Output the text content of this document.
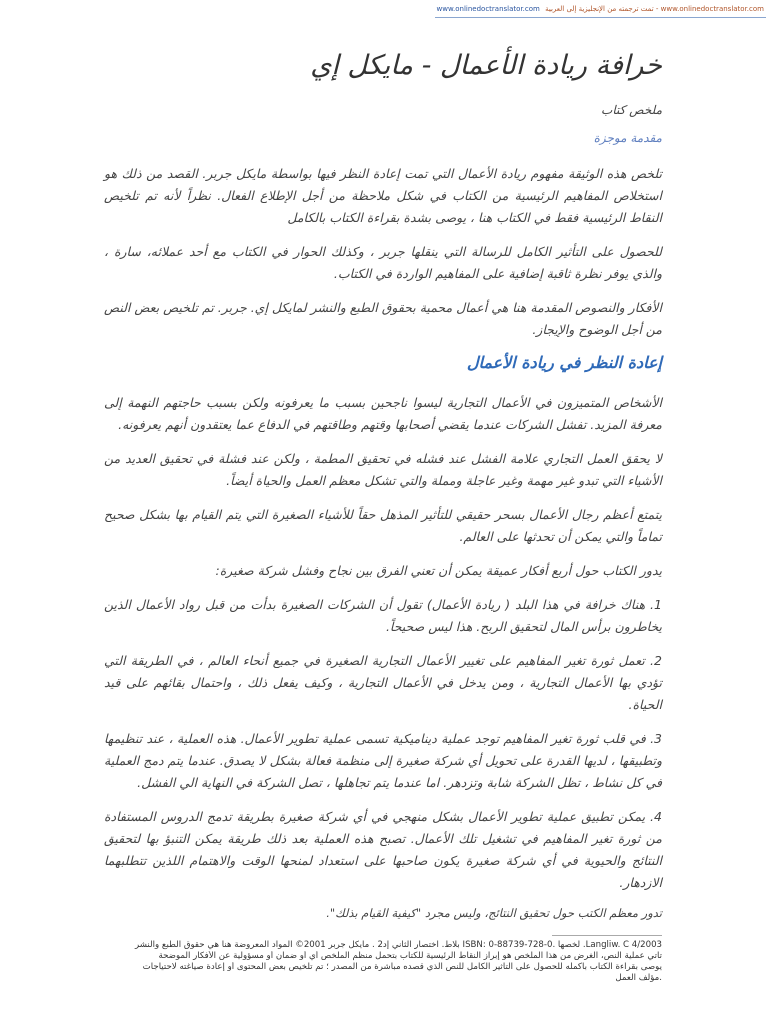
www.onlinedoctranslator.com تمت ترجمته من الإنجليزية إلى العربية - www.onlinedoctranslator.com
خرافة ريادة الأعمال - مايكل إي
ملخص كتاب
مقدمة موجزة

تلخص هذه الوثيقة مفهوم ريادة الأعمال التي تمت إعادة النظر فيها بواسطة مايكل جربر. القصد من ذلك هو استخلاص المفاهيم الرئيسية من الكتاب في شكل ملاحظة من أجل الإطلاع الفعال. نظراً لأنه تم تلخيص النقاط الرئيسية فقط في الكتاب هنا ، يوصى بشدة بقراءة الكتاب بالكامل

للحصول على التأثير الكامل للرسالة التي ينقلها جربر ، وكذلك الحوار في الكتاب مع أحد عملائه، سارة ، والذي يوفر نظرة ثاقبة إضافية على المفاهيم الواردة في الكتاب.

الأفكار والنصوص المقدمة هنا هي أعمال محمية بحقوق الطبع والنشر لمايكل إي. جربر. تم تلخيص بعض النص من أجل الوضوح والإيجاز.

إعادة النظر في ريادة الأعمال

الأشخاص المتميزون في الأعمال التجارية ليسوا ناجحين بسبب ما يعرفونه ولكن بسبب حاجتهم النهمة إلى معرفة المزيد. تفشل الشركات عندما يقضي أصحابها وقتهم وطاقتهم في الدفاع عما يعتقدون أنهم يعرفونه.

لا يحقق العمل التجاري علامة الفشل عند فشله في تحقيق المطمة ، ولكن عند فشلة في تحقيق العديد من الأشياء التي تبدو غير مهمة وغير عاجلة ومملة والتي تشكل معظم العمل والحياة أيضاً.

يتمتع أعظم رجال الأعمال بسحر حقيقي للتأثير المذهل حقاً للأشياء الصغيرة التي يتم القيام بها بشكل صحيح تماماً والتي يمكن أن تحدثها على العالم.

يدور الكتاب حول أربع أفكار عميقة يمكن أن تعني الفرق بين نجاح وفشل شركة صغيرة:

1. هناك خرافة في هذا البلد ( ريادة الأعمال) تقول أن الشركات الصغيرة بدأت من قبل رواد الأعمال الذين يخاطرون برأس المال لتحقيق الربح. هذا ليس صحيحاً.

2. تعمل ثورة تغير المفاهيم على تغيير الأعمال التجارية الصغيرة في جميع أنحاء العالم ، في الطريقة التي تؤدي بها الأعمال التجارية ، ومن يدخل في الأعمال التجارية ، وكيف يفعل ذلك ، واحتمال بقائهم على قيد الحياة.

3. في قلب ثورة تغير المفاهيم توجد عملية ديناميكية تسمى عملية تطوير الأعمال. هذه العملية ، عند تنظيمها وتطبيقها ، لديها القدرة على تحويل أي شركة صغيرة إلى منظمة فعالة بشكل لا يصدق. عندما يتم دمج العملية في كل نشاط ، تظل الشركة شابة وتزدهر. اما عندما يتم تجاهلها ، تصل الشركة في النهاية الي الفشل.

4. يمكن تطبيق عملية تطوير الأعمال بشكل منهجي في أي شركة صغيرة بطريقة تدمج الدروس المستفادة من ثورة تغير المفاهيم في تشغيل تلك الأعمال. تصبح هذه العملية بعد ذلك طريقة يمكن التنبؤ بها لتحقيق النتائج والحيوية في أي شركة صغيرة يكون صاحبها على استعداد لمنحها الوقت والاهتمام اللذين تتطلبهما الازدهار.

تدور معظم الكتب حول تحقيق النتائج، وليس مجرد "كيفية القيام بذلك".

4/2003 Langliw. C. لخصها .ISBN: 0-88739-728-0 بلاط. اختصار الثاني إد2 . مايكل جربر 2001© المواد المعروضة هنا هي حقوق الطبع والنشر

تأتي عملية النص، الغرض من هذا الملخص هو إبراز النقاط الرئيسية للكتاب بتحمل منظم الملخص أي أو ضمان أو مسؤولية عن الأفكار الموضحة

يوصى بقراءة الكتاب بأكمله للحصول على التأثير الكامل للنص الذي قصده مباشرة من المصدر ؛ تم تلخيص بعض المحتوى أو إعادة صياغته لاحتياجات

.مؤلف العمل
